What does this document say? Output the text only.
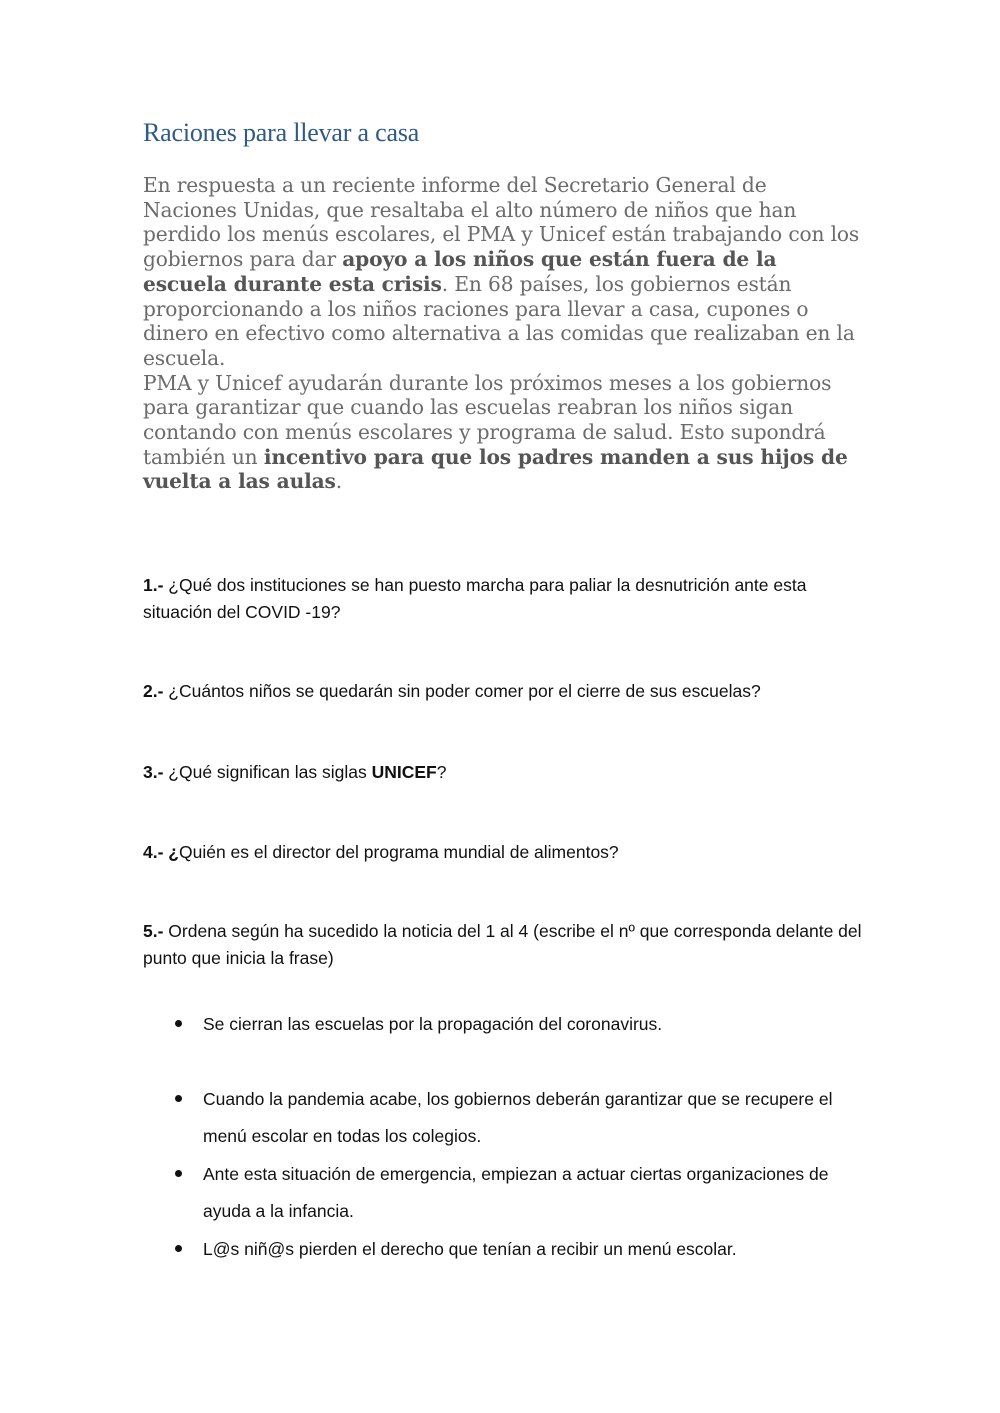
Raciones para llevar a casa

En respuesta a un reciente informe del Secretario General de Naciones Unidas, que resaltaba el alto número de niños que han perdido los menús escolares, el PMA y Unicef están trabajando con los gobiernos para dar apoyo a los niños que están fuera de la escuela durante esta crisis. En 68 países, los gobiernos están proporcionando a los niños raciones para llevar a casa, cupones o dinero en efectivo como alternativa a las comidas que realizaban en la escuela.

PMA y Unicef ayudarán durante los próximos meses a los gobiernos para garantizar que cuando las escuelas reabran los niños sigan contando con menús escolares y programa de salud. Esto supondrá también un incentivo para que los padres manden a sus hijos de vuelta a las aulas.

1.- ¿Qué dos instituciones se han puesto marcha para paliar la desnutrición ante esta situación del COVID -19?

2.- ¿Cuántos niños se quedarán sin poder comer por el cierre de sus escuelas?

3.- ¿Qué significan las siglas UNICEF?

4.- ¿Quién es el director del programa mundial de alimentos?

5.- Ordena según ha sucedido la noticia del 1 al 4 (escribe el nº que corresponda delante del punto que inicia la frase)

Se cierran las escuelas por la propagación del coronavirus.
Cuando la pandemia acabe, los gobiernos deberán garantizar que se recupere el menú escolar en todas los colegios.
Ante esta situación de emergencia, empiezan a actuar ciertas organizaciones de ayuda a la infancia.
L@s niñ@s pierden el derecho que tenían a recibir un menú escolar.
